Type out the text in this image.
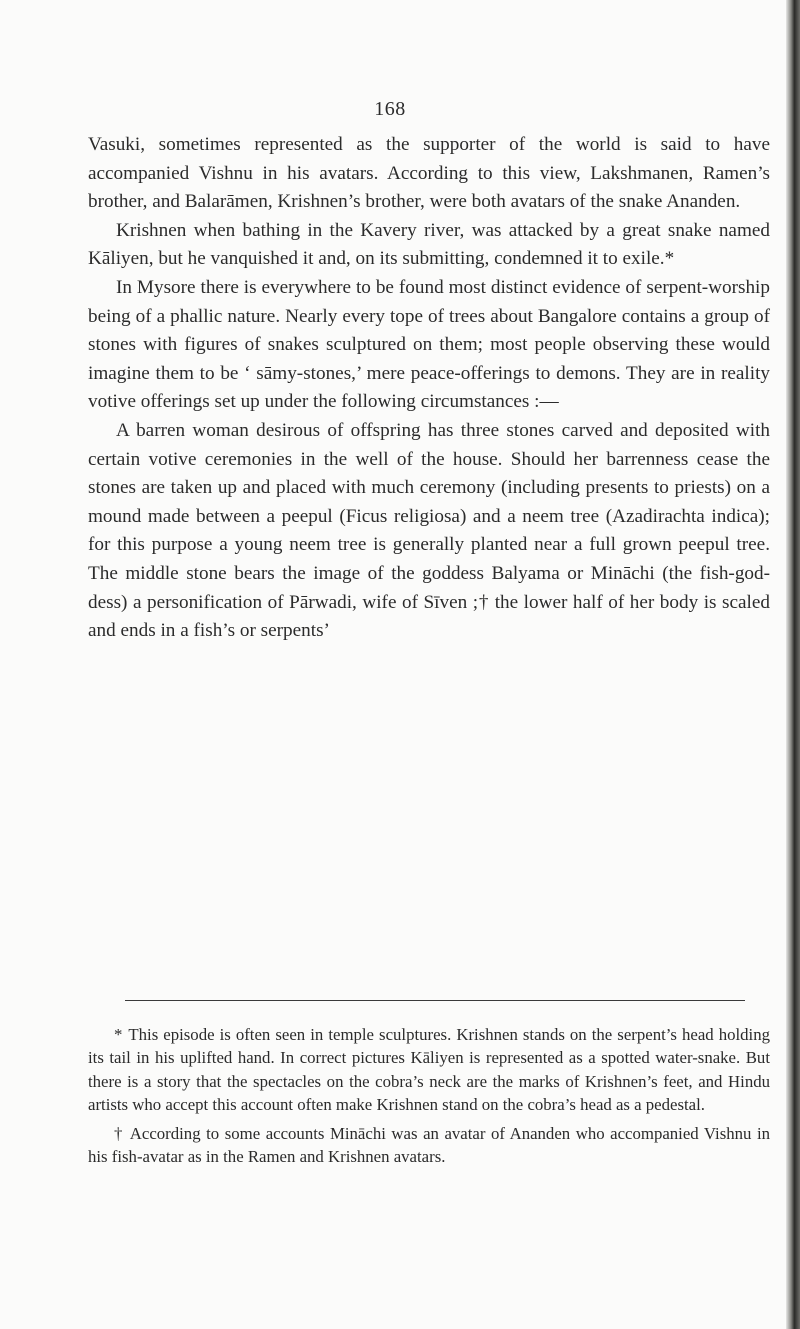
168

Vasuki, sometimes represented as the supporter of the world is said to have accompanied Vishnu in his avatars. According to this view, Lakshmanen, Ramen’s brother, and Balarāmen, Krishnen’s brother, were both avatars of the snake Ananden.

Krishnen when bathing in the Kavery river, was attacked by a great snake named Kāliyen, but he vanquished it and, on its submitting, condemned it to exile.*

In Mysore there is everywhere to be found most distinct evidence of serpent-worship being of a phallic nature. Nearly every tope of trees about Bangalore contains a group of stones with figures of snakes sculptured on them; most people observing these would imagine them to be ‘ sāmy-stones,’ mere peace-offerings to demons. They are in reality votive offerings set up under the following circumstances :—

A barren woman desirous of offspring has three stones carved and deposited with certain votive ceremonies in the well of the house. Should her barrenness cease the stones are taken up and placed with much ceremony (including presents to priests) on a mound made between a peepul (Ficus religiosa) and a neem tree (Azadirachta indica); for this purpose a young neem tree is generally planted near a full grown peepul tree. The middle stone bears the image of the goddess Balyama or Mināchi (the fish-god-dess) a personification of Pārwadi, wife of Sīven ;† the lower half of her body is scaled and ends in a fish’s or serpents’

* This episode is often seen in temple sculptures. Krishnen stands on the serpent’s head holding its tail in his uplifted hand. In correct pictures Kāliyen is represented as a spotted water-snake. But there is a story that the spectacles on the cobra’s neck are the marks of Krishnen’s feet, and Hindu artists who accept this account often make Krishnen stand on the cobra’s head as a pedestal.

† According to some accounts Mināchi was an avatar of Ananden who accompanied Vishnu in his fish-avatar as in the Ramen and Krishnen avatars.
